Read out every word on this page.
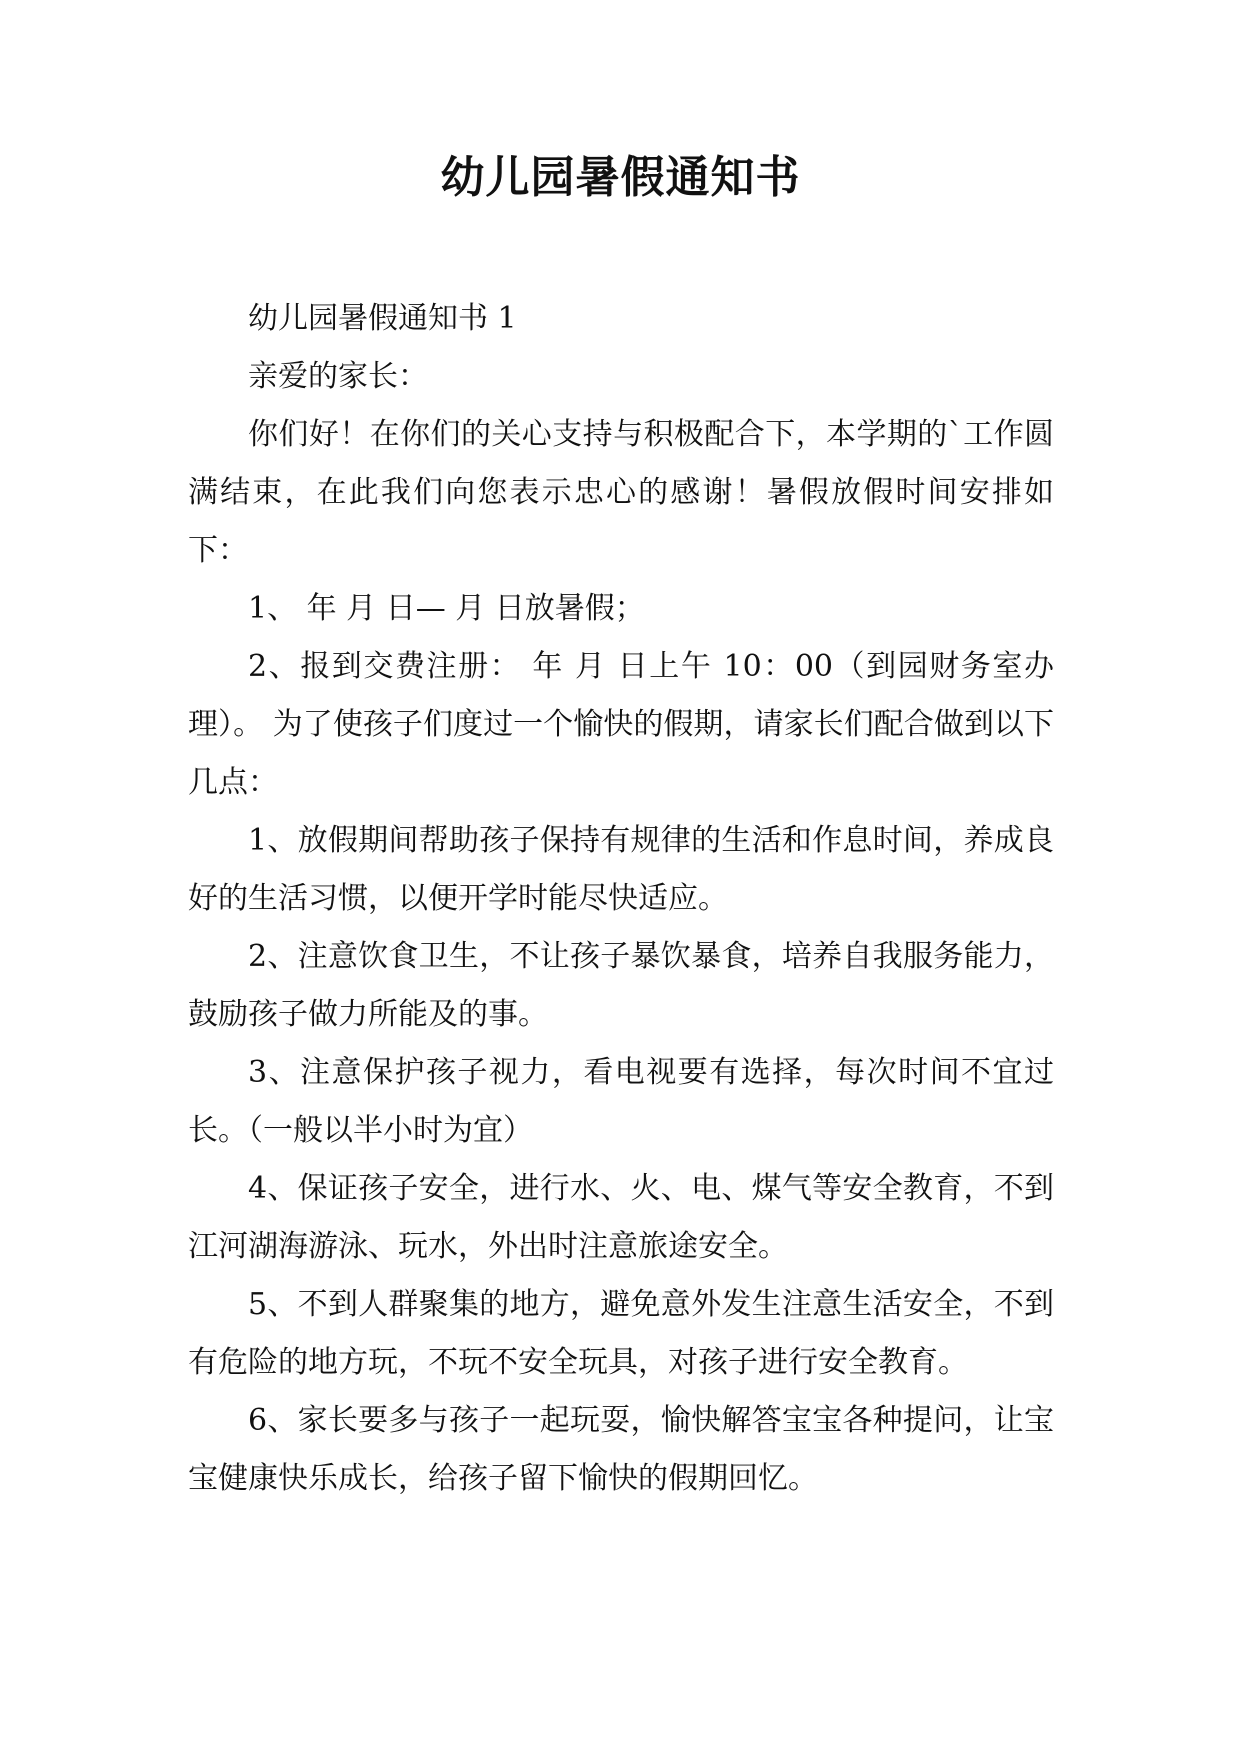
幼儿园暑假通知书

幼儿园暑假通知书 1

亲爱的家长：

你们好！在你们的关心支持与积极配合下，本学期的`工作圆满结束，在此我们向您表示忠心的感谢！暑假放假时间安排如下：

1、 年 月 日— 月 日放暑假；

2、报到交费注册： 年 月 日上午 10：00（到园财务室办理）。 为了使孩子们度过一个愉快的假期，请家长们配合做到以下几点：

1、放假期间帮助孩子保持有规律的生活和作息时间，养成良好的生活习惯，以便开学时能尽快适应。

2、注意饮食卫生，不让孩子暴饮暴食，培养自我服务能力，鼓励孩子做力所能及的事。

3、注意保护孩子视力，看电视要有选择，每次时间不宜过长。（一般以半小时为宜）

4、保证孩子安全，进行水、火、电、煤气等安全教育，不到江河湖海游泳、玩水，外出时注意旅途安全。

5、不到人群聚集的地方，避免意外发生注意生活安全，不到有危险的地方玩，不玩不安全玩具，对孩子进行安全教育。

6、家长要多与孩子一起玩耍，愉快解答宝宝各种提问，让宝宝健康快乐成长，给孩子留下愉快的假期回忆。
